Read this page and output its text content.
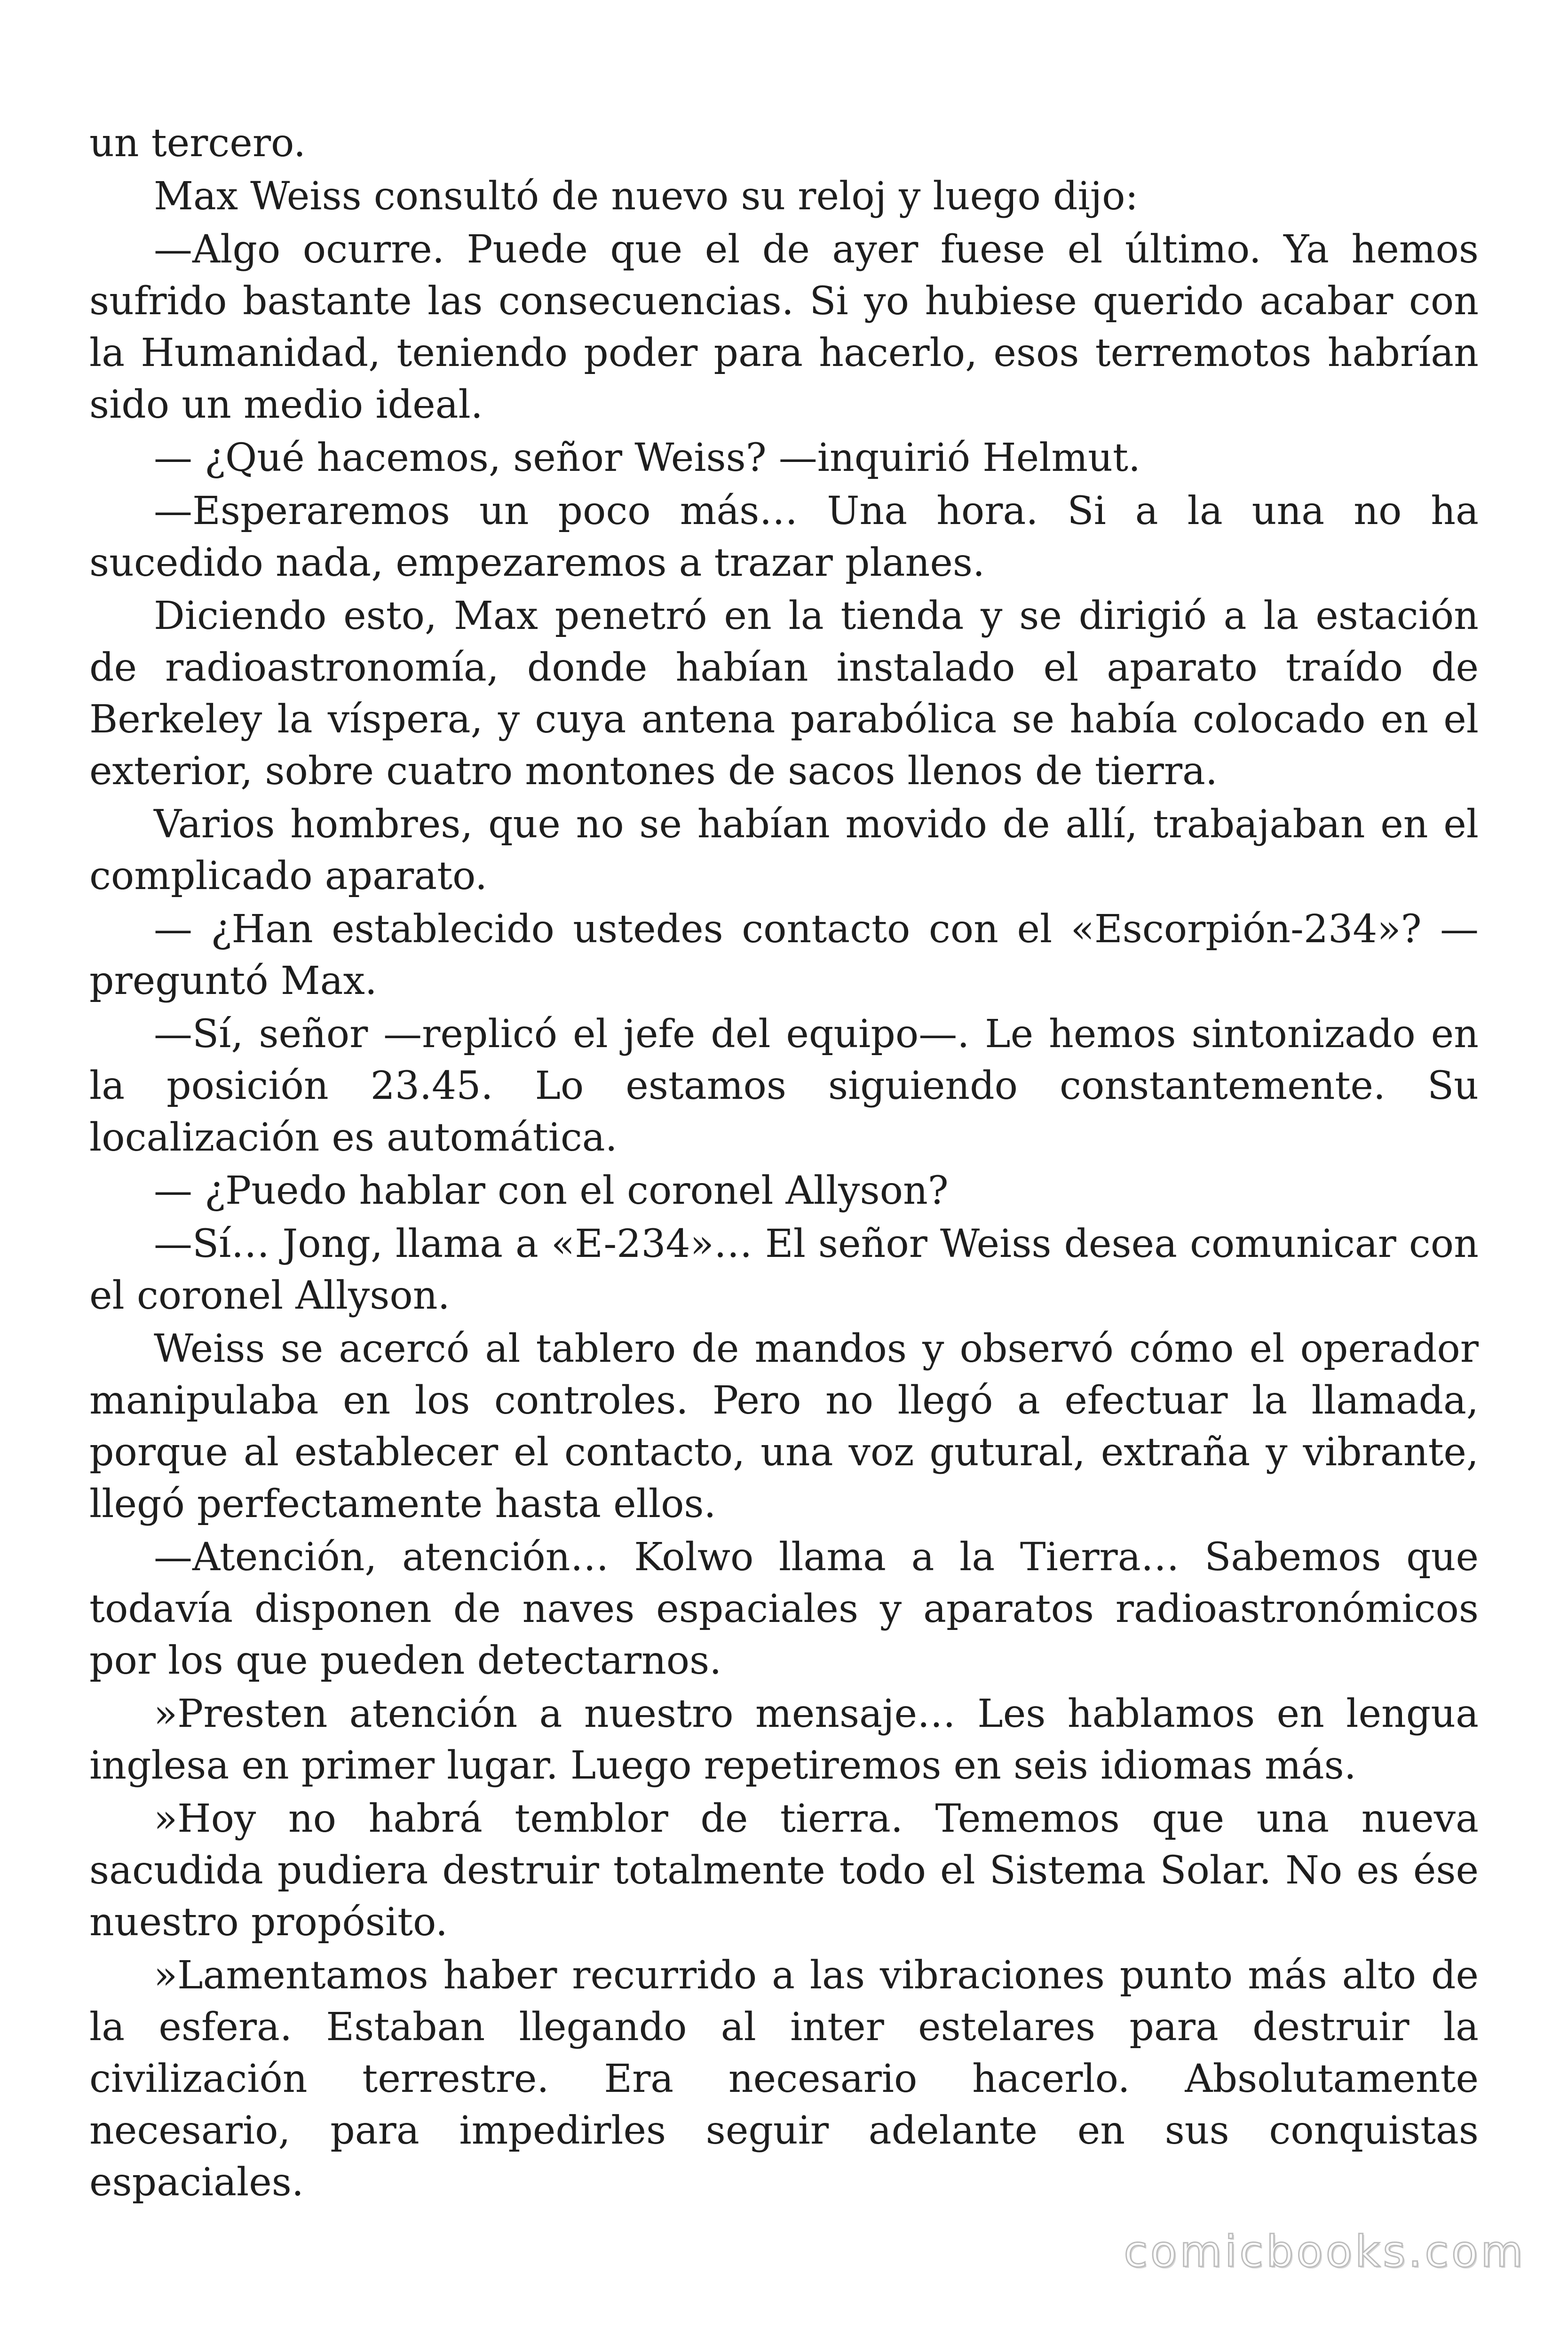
un tercero.

Max Weiss consultó de nuevo su reloj y luego dijo:

—Algo ocurre. Puede que el de ayer fuese el último. Ya hemos sufrido bastante las consecuencias. Si yo hubiese querido acabar con la Humanidad, teniendo poder para hacerlo, esos terremotos habrían sido un medio ideal.

— ¿Qué hacemos, señor Weiss? —inquirió Helmut.

—Esperaremos un poco más… Una hora. Si a la una no ha sucedido nada, empezaremos a trazar planes.

Diciendo esto, Max penetró en la tienda y se dirigió a la estación de radioastronomía, donde habían instalado el aparato traído de Berkeley la víspera, y cuya antena parabólica se había colocado en el exterior, sobre cuatro montones de sacos llenos de tierra.

Varios hombres, que no se habían movido de allí, trabajaban en el complicado aparato.

— ¿Han establecido ustedes contacto con el «Escorpión-234»? —preguntó Max.

—Sí, señor —replicó el jefe del equipo—. Le hemos sintonizado en la posición 23.45. Lo estamos siguiendo constantemente. Su localización es automática.

— ¿Puedo hablar con el coronel Allyson?

—Sí… Jong, llama a «E-234»… El señor Weiss desea comunicar con el coronel Allyson.

Weiss se acercó al tablero de mandos y observó cómo el operador manipulaba en los controles. Pero no llegó a efectuar la llamada, porque al establecer el contacto, una voz gutural, extraña y vibrante, llegó perfectamente hasta ellos.

—Atención, atención… Kolwo llama a la Tierra… Sabemos que todavía disponen de naves espaciales y aparatos radioastronómicos por los que pueden detectarnos.

»Presten atención a nuestro mensaje… Les hablamos en lengua inglesa en primer lugar. Luego repetiremos en seis idiomas más.

»Hoy no habrá temblor de tierra. Tememos que una nueva sacudida pudiera destruir totalmente todo el Sistema Solar. No es ése nuestro propósito.

»Lamentamos haber recurrido a las vibraciones punto más alto de la esfera. Estaban llegando al inter estelares para destruir la civilización terrestre. Era necesario hacerlo. Absolutamente necesario, para impedirles seguir adelante en sus conquistas espaciales.

comicbooks.com
